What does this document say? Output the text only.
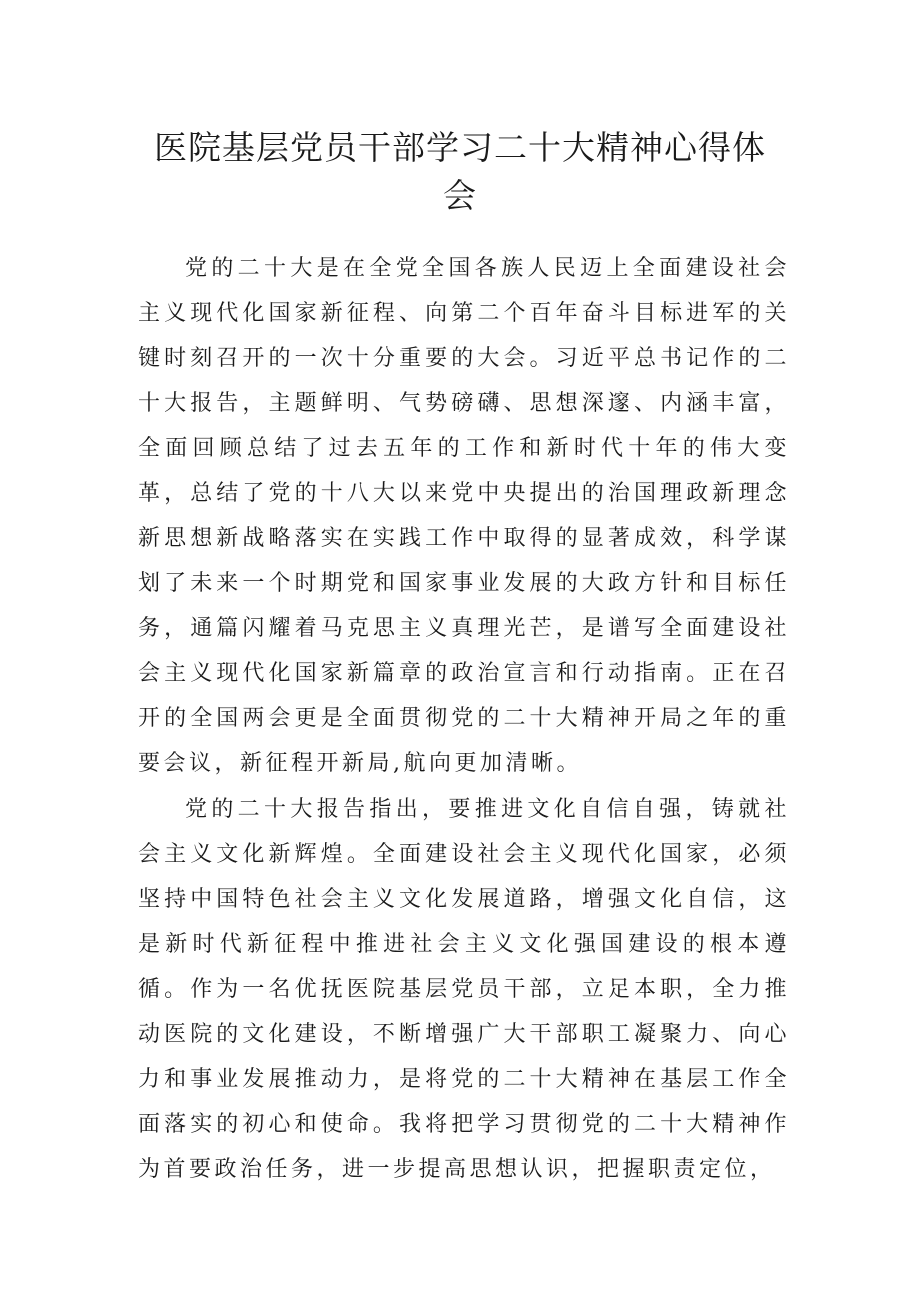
医院基层党员干部学习二十大精神心得体会

党的二十大是在全党全国各族人民迈上全面建设社会主义现代化国家新征程、向第二个百年奋斗目标进军的关键时刻召开的一次十分重要的大会。习近平总书记作的二十大报告，主题鲜明、气势磅礴、思想深邃、内涵丰富，全面回顾总结了过去五年的工作和新时代十年的伟大变革，总结了党的十八大以来党中央提出的治国理政新理念新思想新战略落实在实践工作中取得的显著成效，科学谋划了未来一个时期党和国家事业发展的大政方针和目标任务，通篇闪耀着马克思主义真理光芒，是谱写全面建设社会主义现代化国家新篇章的政治宣言和行动指南。正在召开的全国两会更是全面贯彻党的二十大精神开局之年的重要会议，新征程开新局,航向更加清晰。

党的二十大报告指出，要推进文化自信自强，铸就社会主义文化新辉煌。全面建设社会主义现代化国家，必须坚持中国特色社会主义文化发展道路，增强文化自信，这是新时代新征程中推进社会主义文化强国建设的根本遵循。作为一名优抚医院基层党员干部，立足本职，全力推动医院的文化建设，不断增强广大干部职工凝聚力、向心力和事业发展推动力，是将党的二十大精神在基层工作全面落实的初心和使命。我将把学习贯彻党的二十大精神作为首要政治任务，进一步提高思想认识，把握职责定位，
